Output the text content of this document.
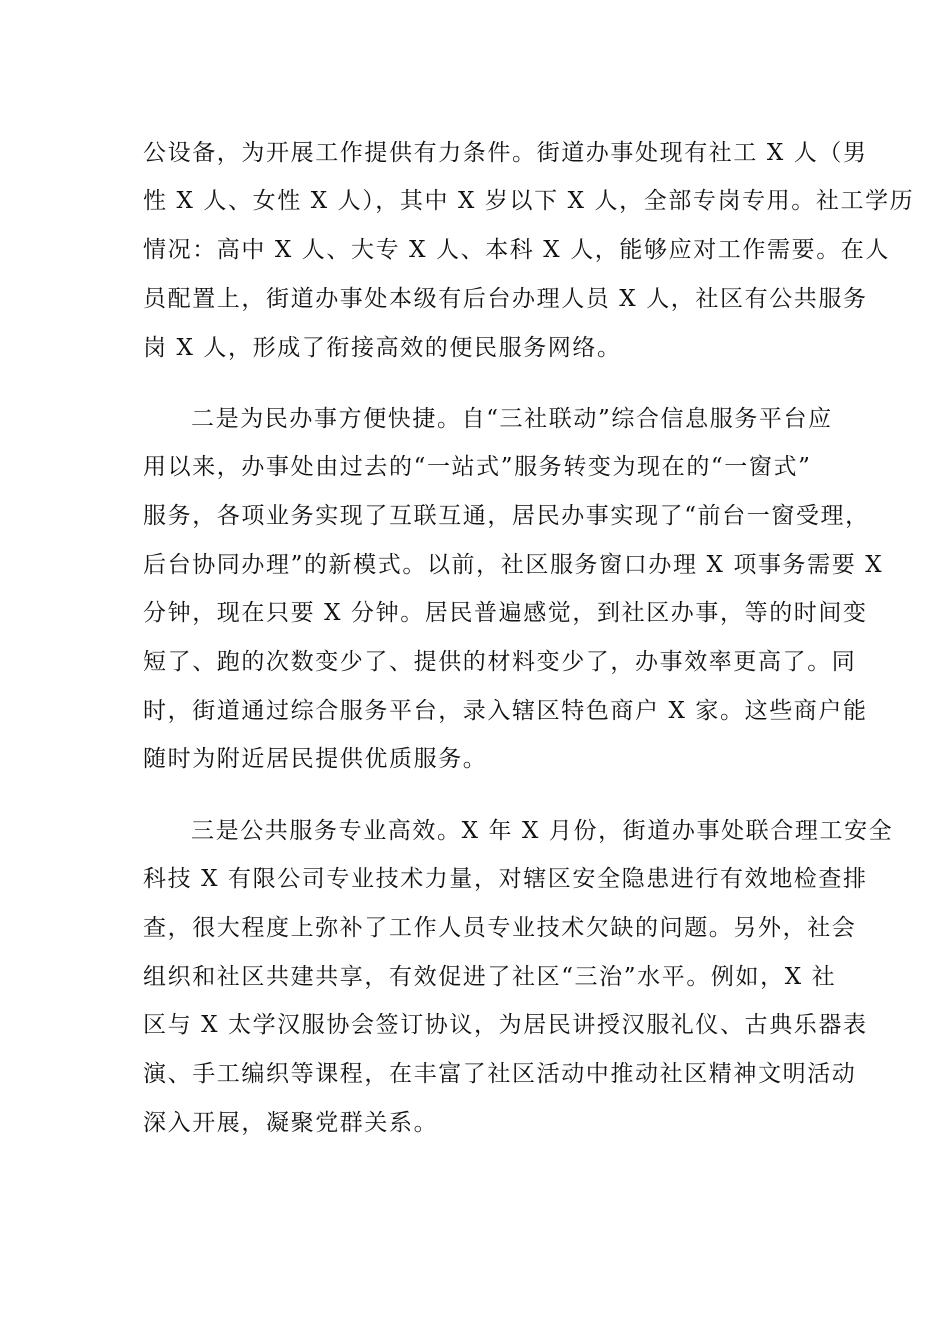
公设备，为开展工作提供有力条件。街道办事处现有社工 X 人（男
性 X 人、女性 X 人），其中 X 岁以下 X 人，全部专岗专用。社工学历
情况：高中 X 人、大专 X 人、本科 X 人，能够应对工作需要。在人
员配置上，街道办事处本级有后台办理人员 X 人，社区有公共服务
岗 X 人，形成了衔接高效的便民服务网络。
二是为民办事方便快捷。自“三社联动”综合信息服务平台应
用以来，办事处由过去的“一站式”服务转变为现在的“一窗式”
服务，各项业务实现了互联互通，居民办事实现了“前台一窗受理，
后台协同办理”的新模式。以前，社区服务窗口办理 X 项事务需要 X
分钟，现在只要 X 分钟。居民普遍感觉，到社区办事，等的时间变
短了、跑的次数变少了、提供的材料变少了，办事效率更高了。同
时，街道通过综合服务平台，录入辖区特色商户 X 家。这些商户能
随时为附近居民提供优质服务。
三是公共服务专业高效。X 年 X 月份，街道办事处联合理工安全
科技 X 有限公司专业技术力量，对辖区安全隐患进行有效地检查排
查，很大程度上弥补了工作人员专业技术欠缺的问题。另外，社会
组织和社区共建共享，有效促进了社区“三治”水平。例如，X 社
区与 X 太学汉服协会签订协议，为居民讲授汉服礼仪、古典乐器表
演、手工编织等课程，在丰富了社区活动中推动社区精神文明活动
深入开展，凝聚党群关系。
